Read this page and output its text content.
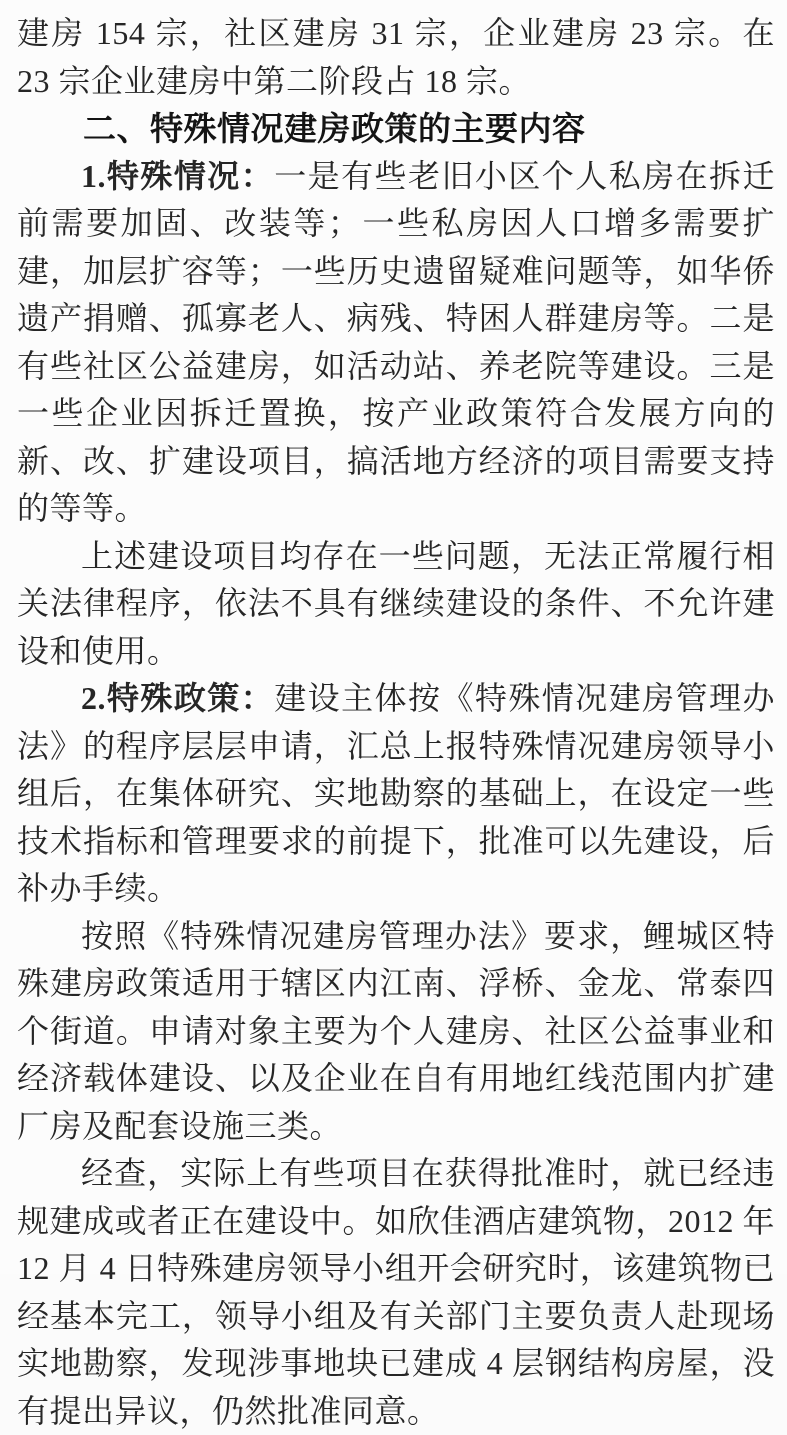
建房 154 宗，社区建房 31 宗，企业建房 23 宗。在 23 宗企业建房中第二阶段占 18 宗。

二、特殊情况建房政策的主要内容

1.特殊情况：一是有些老旧小区个人私房在拆迁前需要加固、改装等；一些私房因人口增多需要扩建，加层扩容等；一些历史遗留疑难问题等，如华侨遗产捐赠、孤寡老人、病残、特困人群建房等。二是有些社区公益建房，如活动站、养老院等建设。三是一些企业因拆迁置换，按产业政策符合发展方向的新、改、扩建设项目，搞活地方经济的项目需要支持的等等。

上述建设项目均存在一些问题，无法正常履行相关法律程序，依法不具有继续建设的条件、不允许建设和使用。

2.特殊政策：建设主体按《特殊情况建房管理办法》的程序层层申请，汇总上报特殊情况建房领导小组后，在集体研究、实地勘察的基础上，在设定一些技术指标和管理要求的前提下，批准可以先建设，后补办手续。

按照《特殊情况建房管理办法》要求，鲤城区特殊建房政策适用于辖区内江南、浮桥、金龙、常泰四个街道。申请对象主要为个人建房、社区公益事业和经济载体建设、以及企业在自有用地红线范围内扩建厂房及配套设施三类。

经查，实际上有些项目在获得批准时，就已经违规建成或者正在建设中。如欣佳酒店建筑物，2012 年 12 月 4 日特殊建房领导小组开会研究时，该建筑物已经基本完工，领导小组及有关部门主要负责人赴现场实地勘察，发现涉事地块已建成 4 层钢结构房屋，没有提出异议，仍然批准同意。
